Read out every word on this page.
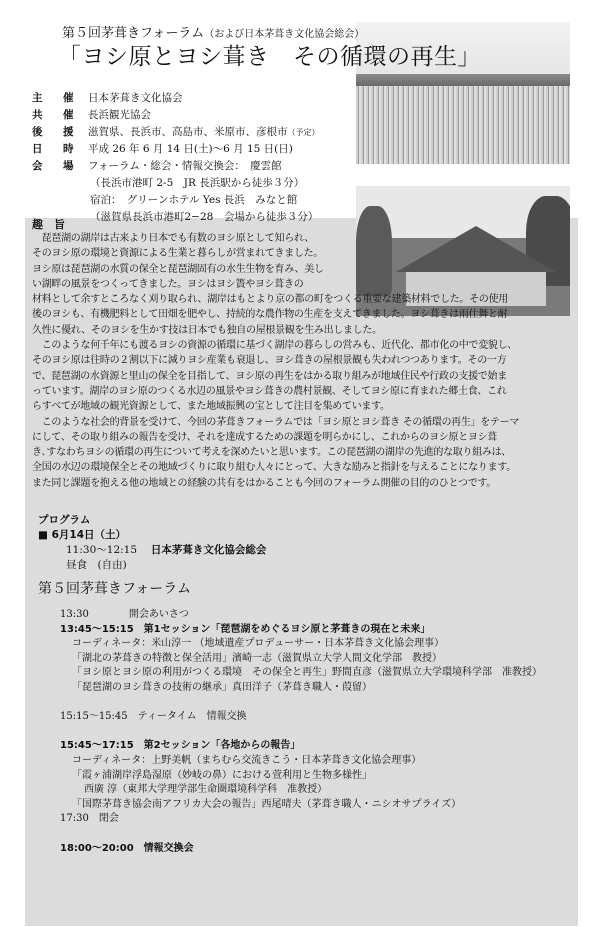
第５回茅葺きフォーラム（および日本茅葺き文化協会総会）
「ヨシ原とヨシ葺き　その循環の再生」
主　催 日本茅葺き文化協会
共　催 長浜観光協会
後　援 滋賀県、長浜市、高島市、米原市、彦根市（予定）
日　時 平成 26 年 6 月 14 日(土)〜6 月 15 日(日)
会　場 フォーラム・総会・情報交換会：　慶雲館
（長浜市港町 2-5　JR 長浜駅から徒歩３分）
宿泊：　グリーンホテル Yes 長浜　みなと館
（滋賀県長浜市港町2−28　会場から徒歩３分）
趣　旨

　琵琶湖の湖岸は古来より日本でも有数のヨシ原として知られ、

そのヨシ原の環境と資源による生業と暮らしが営まれてきました。

ヨシ原は琵琶湖の水質の保全と琵琶湖固有の水生生物を育み、美し

い湖畔の風景をつくってきました。ヨシはヨシ簀やヨシ葺きの

材料として余すところなく刈り取られ、湖岸はもとより京の都の町をつくる重要な建築材料でした。その使用

後のヨシも、有機肥料として田畑を肥やし、持続的な農作物の生産を支えてきました。ヨシ葺きは雨仕舞と耐

久性に優れ、そのヨシを生かす技は日本でも独自の屋根景観を生み出しました。

　このような何千年にも渡るヨシの資源の循環に基づく湖岸の暮らしの営みも、近代化、都市化の中で変貌し、

そのヨシ原は往時の２割以下に減りヨシ産業も衰退し、ヨシ葺きの屋根景観も失われつつあります。その一方

で、琵琶湖の水資源と里山の保全を目指して、ヨシ原の再生をはかる取り組みが地域住民や行政の支援で始ま

っています。湖岸のヨシ原のつくる水辺の風景やヨシ葺きの農村景観、そしてヨシ原に育まれた郷土食、これ

らすべてが地域の観光資源として、また地域振興の宝として注目を集めています。

　このような社会的背景を受けて、今回の茅葺きフォーラムでは「ヨシ原とヨシ葺き その循環の再生」をテーマ

にして、その取り組みの報告を受け、それを達成するための課題を明らかにし、これからのヨシ原とヨシ葺

き､すなわちヨシの循環の再生について考えを深めたいと思います。この琵琶湖の湖岸の先進的な取り組みは、

全国の水辺の環境保全とその地域づくりに取り組む人々にとって、大きな励みと指針を与えることになります。

また同じ課題を抱える他の地域との経験の共有をはかることも今回のフォーラム開催の目的のひとつです。

プログラム
■ 6月14日（土）
11:30〜12:15　 日本茅葺き文化協会総会
昼食　(自由)
第５回茅葺きフォーラム

13:30　　　　開会あいさつ

13:45〜15:15　第1セッション「琵琶湖をめぐるヨシ原と茅葺きの現在と未来」

コーディネータ：米山淳一 （地域遺産プロデューサー・日本茅葺き文化協会理事）

「湖北の茅葺きの特徴と保全活用」濱崎一志（滋賀県立大学人間文化学部　教授）

「ヨシ原とヨシ原の利用がつくる環境　その保全と再生」野間直彦（滋賀県立大学環境科学部　准教授）

「琵琶湖のヨシ葺きの技術の継承」真田洋子（茅葺き職人・葭留）

15:15〜15:45　ティータイム　情報交換

15:45〜17:15　第2セッション「各地からの報告」

コーディネータ：上野美帆（まちむら交流きこう・日本茅葺き文化協会理事）

「霞ヶ浦湖岸浮島湿原（妙岐の鼻）における萱利用と生物多様性」

西廣 淳（東邦大学理学部生命圏環境科学科　准教授）

「国際茅葺き協会南アフリカ大会の報告」西尾晴夫（茅葺き職人・ニシオサプライズ）

17:30　閉会

18:00〜20:00　情報交換会
